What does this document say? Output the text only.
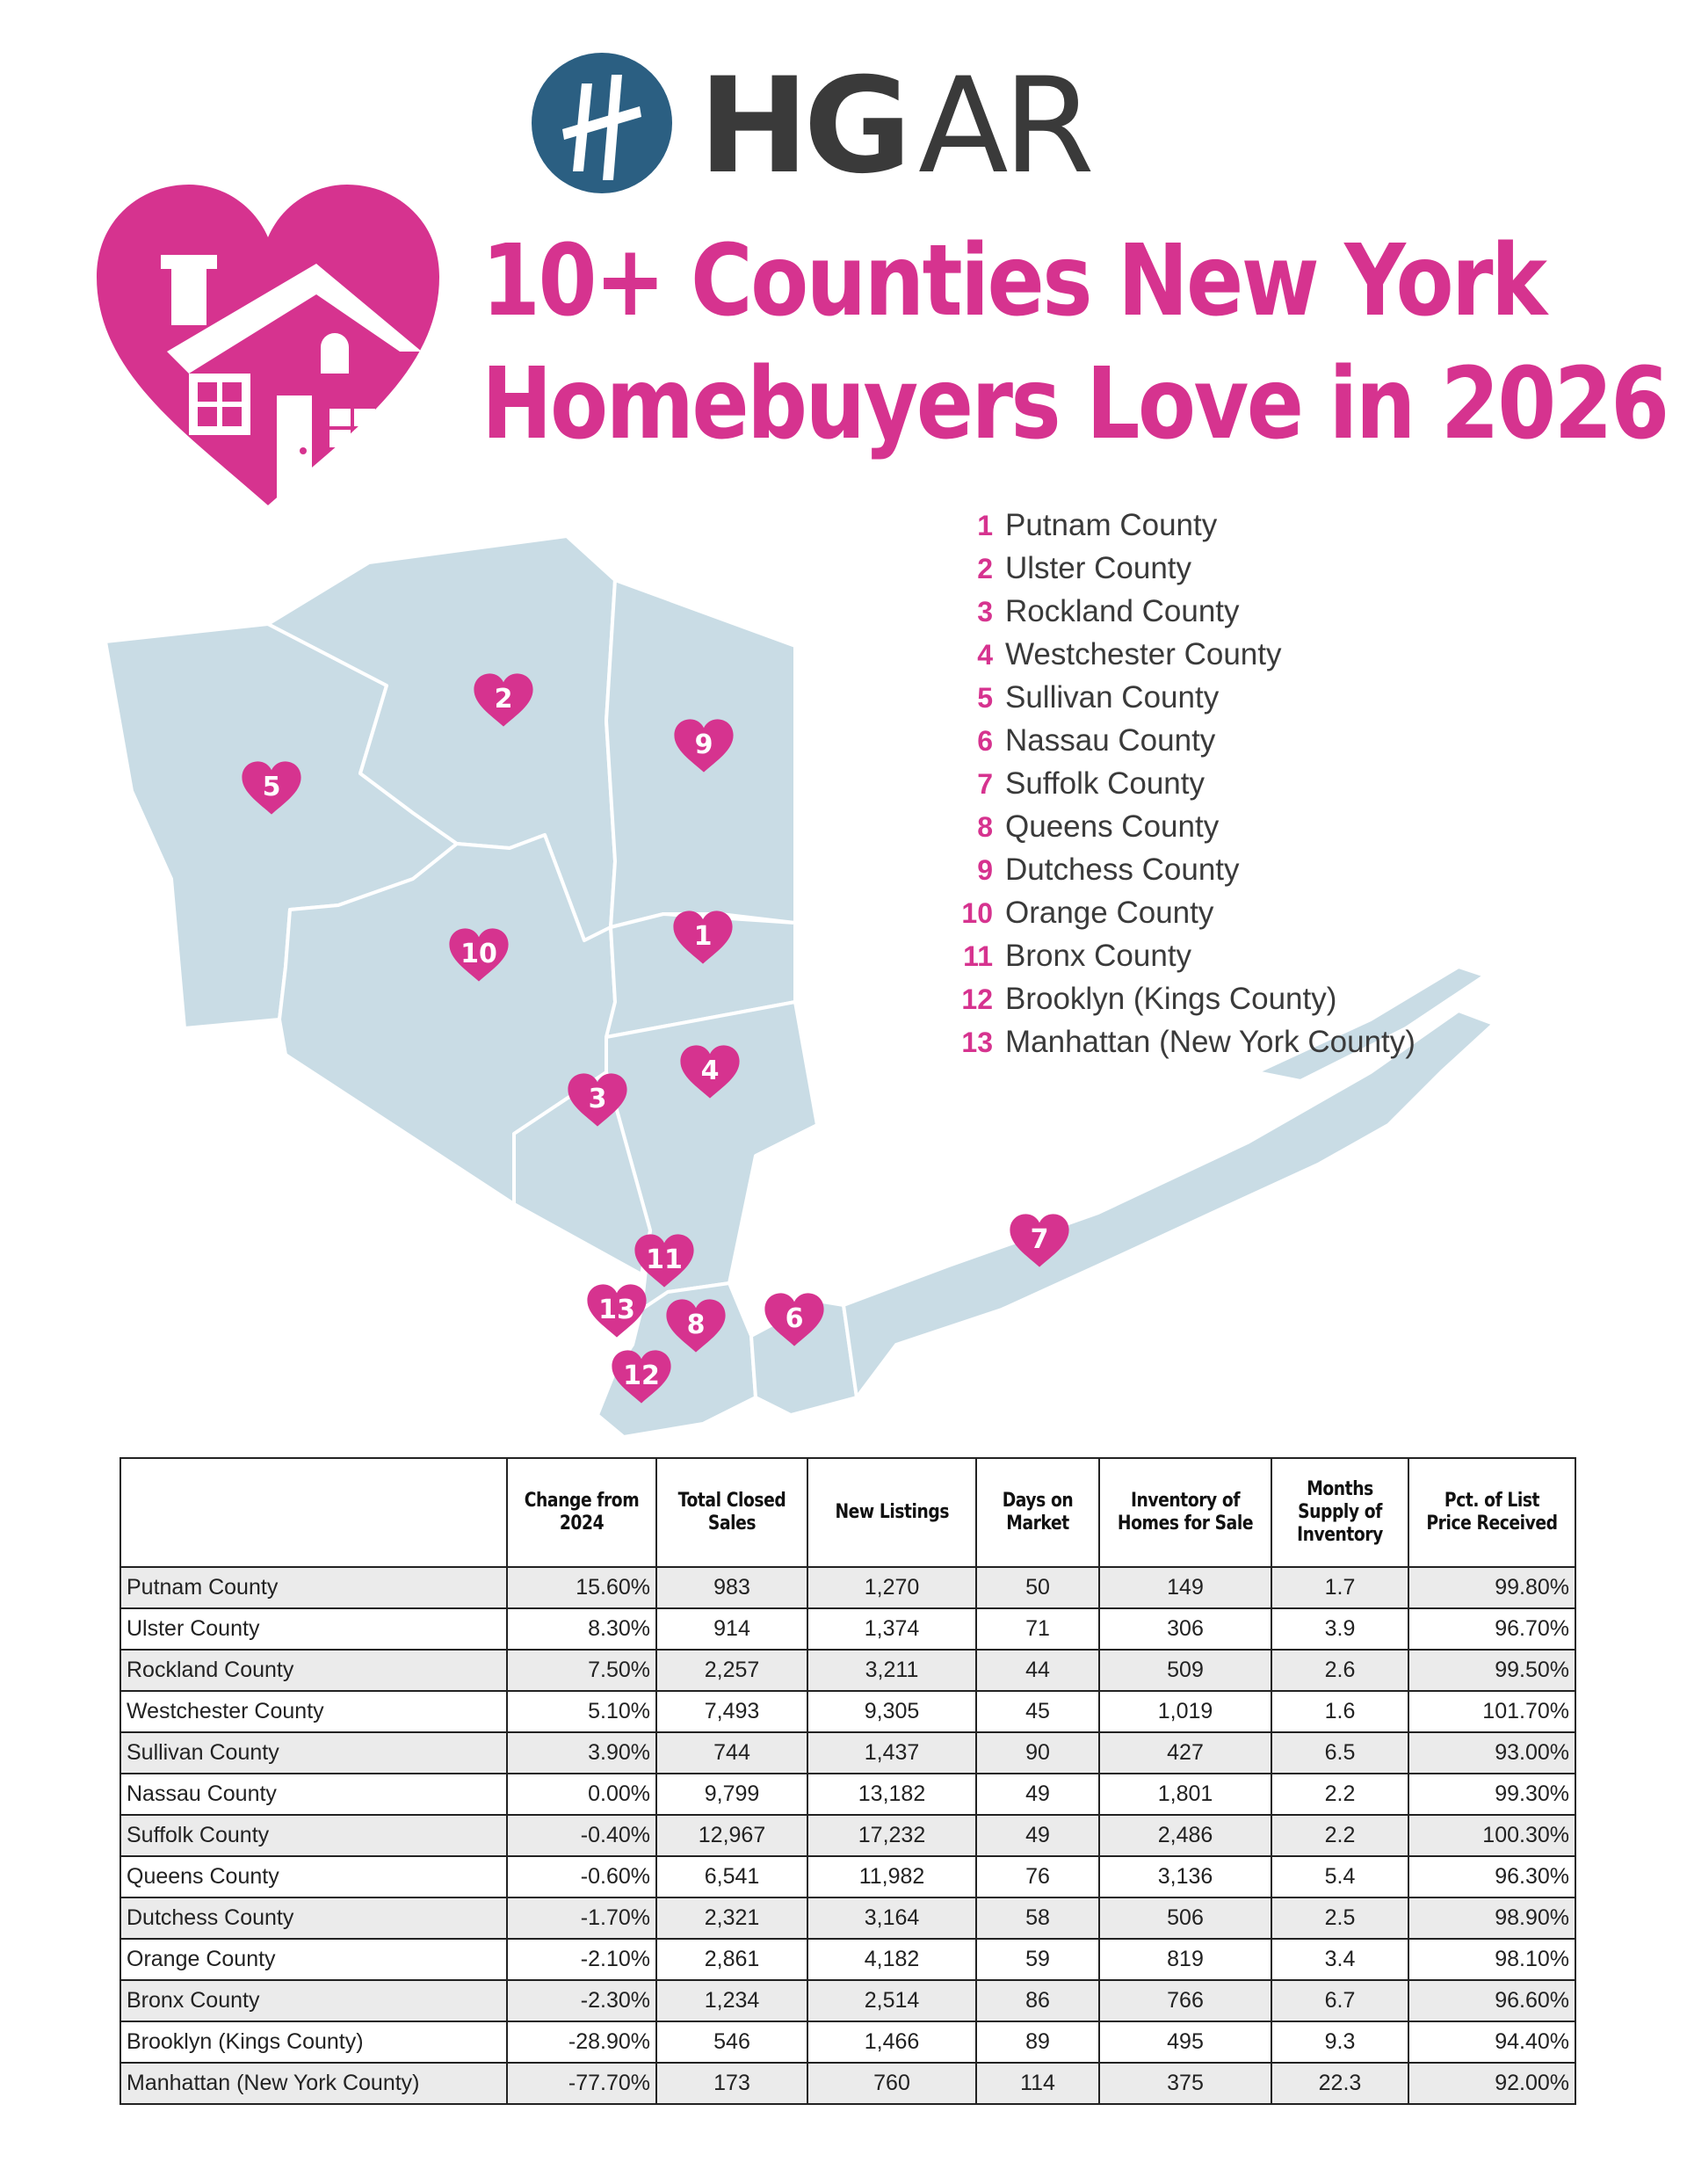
HG AR
10+ Counties New York
Homebuyers Love in 2026
1
2
3
4
5
6
7
8
9
10
11
12
13
1 Putnam County
2 Ulster County
3 Rockland County
4 Westchester County
5 Sullivan County
6 Nassau County
7 Suffolk County
8 Queens County
9 Dutchess County
10 Orange County
11 Bronx County
12 Brooklyn (Kings County)
13 Manhattan (New York County)
	Change from 2024	Total Closed Sales	New Listings	Days on Market	Inventory of Homes for Sale	Months Supply of Inventory	Pct. of List Price Received
Putnam County	15.60%	983	1,270	50	149	1.7	99.80%
Ulster County	8.30%	914	1,374	71	306	3.9	96.70%
Rockland County	7.50%	2,257	3,211	44	509	2.6	99.50%
Westchester County	5.10%	7,493	9,305	45	1,019	1.6	101.70%
Sullivan County	3.90%	744	1,437	90	427	6.5	93.00%
Nassau County	0.00%	9,799	13,182	49	1,801	2.2	99.30%
Suffolk County	-0.40%	12,967	17,232	49	2,486	2.2	100.30%
Queens County	-0.60%	6,541	11,982	76	3,136	5.4	96.30%
Dutchess County	-1.70%	2,321	3,164	58	506	2.5	98.90%
Orange County	-2.10%	2,861	4,182	59	819	3.4	98.10%
Bronx County	-2.30%	1,234	2,514	86	766	6.7	96.60%
Brooklyn (Kings County)	-28.90%	546	1,466	89	495	9.3	94.40%
Manhattan (New York County)	-77.70%	173	760	114	375	22.3	92.00%
